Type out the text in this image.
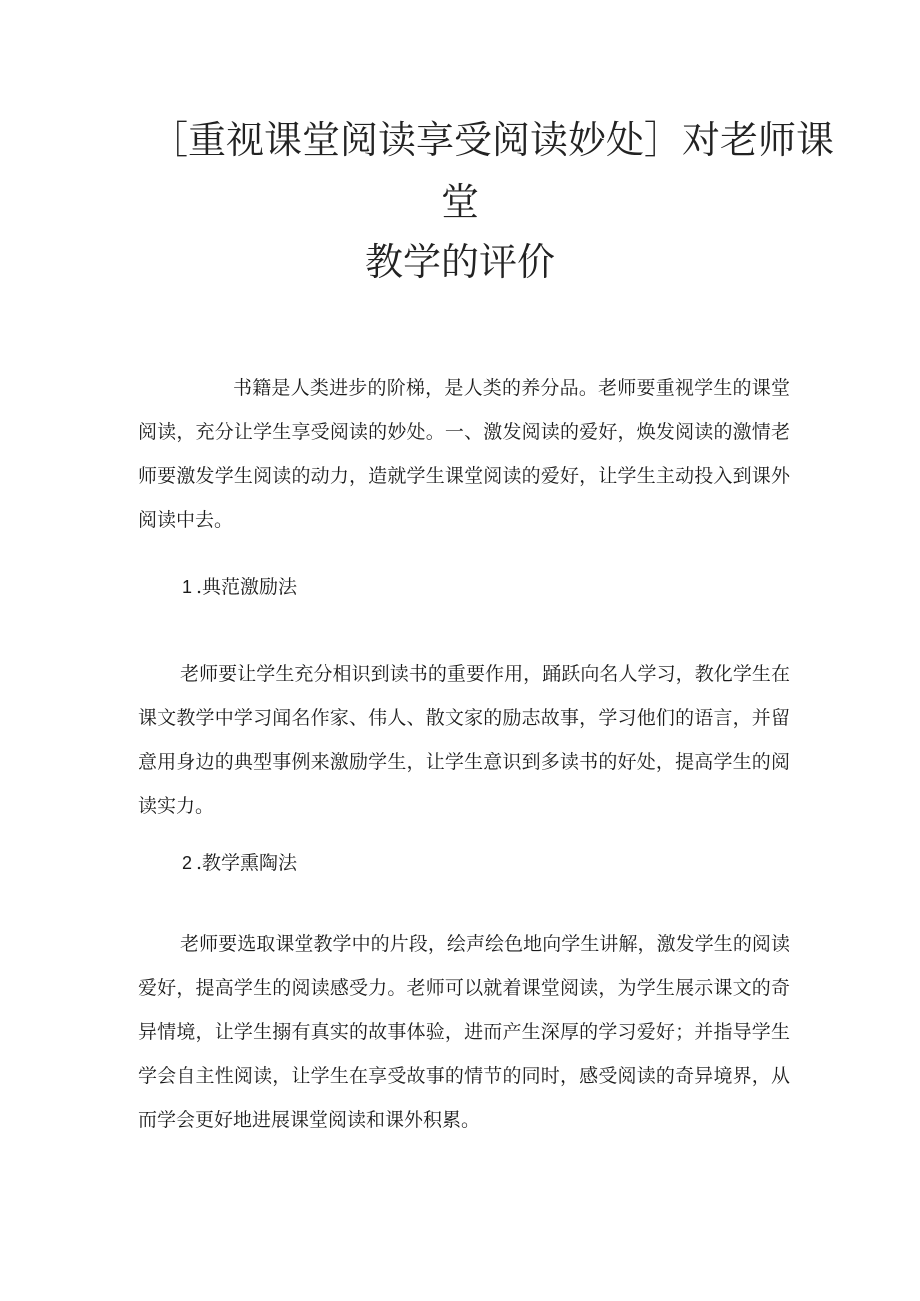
［重视课堂阅读享受阅读妙处］对老师课
堂
教学的评价

书籍是人类进步的阶梯，是人类的养分品。老师要重视学生的课堂阅读，充分让学生享受阅读的妙处。一、激发阅读的爱好，焕发阅读的激情老师要激发学生阅读的动力，造就学生课堂阅读的爱好，让学生主动投入到课外阅读中去。

1 .典范激励法

老师要让学生充分相识到读书的重要作用，踊跃向名人学习，教化学生在课文教学中学习闻名作家、伟人、散文家的励志故事，学习他们的语言，并留意用身边的典型事例来激励学生，让学生意识到多读书的好处，提高学生的阅读实力。

2 .教学熏陶法

老师要选取课堂教学中的片段，绘声绘色地向学生讲解，激发学生的阅读爱好，提高学生的阅读感受力。老师可以就着课堂阅读，为学生展示课文的奇异情境，让学生搦有真实的故事体验，进而产生深厚的学习爱好；并指导学生学会自主性阅读，让学生在享受故事的情节的同时，感受阅读的奇异境界，从而学会更好地进展课堂阅读和课外积累。
